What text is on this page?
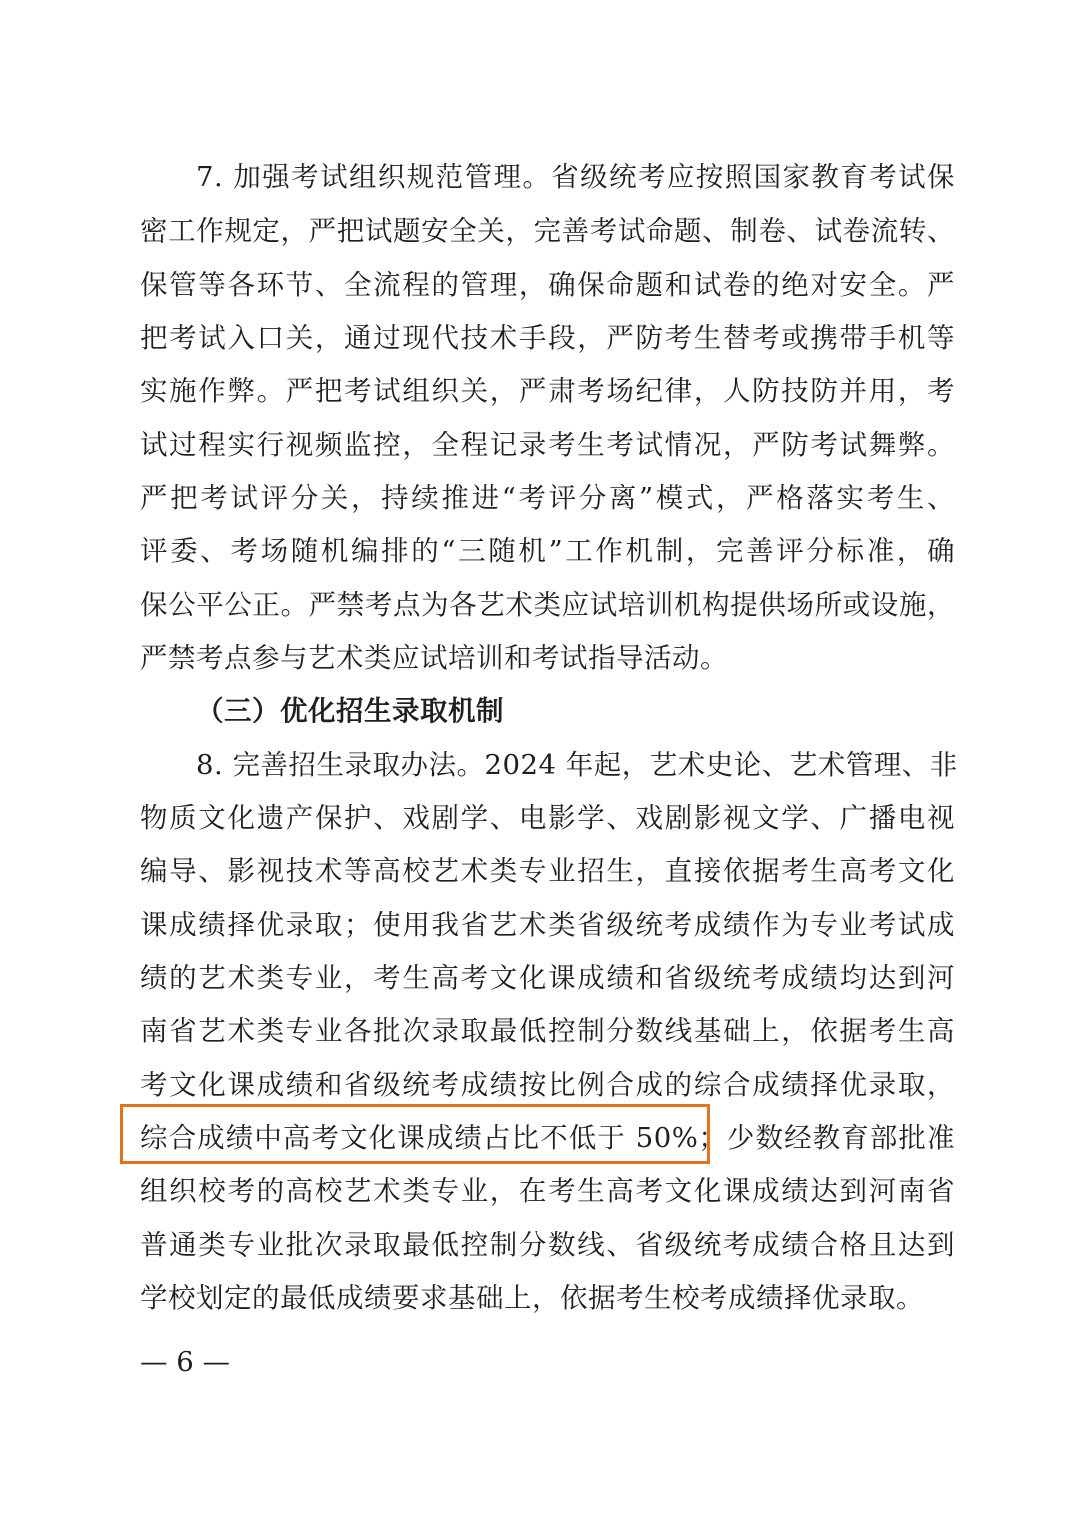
7. 加强考试组织规范管理。省级统考应按照国家教育考试保
密工作规定，严把试题安全关，完善考试命题、制卷、试卷流转、
保管等各环节、全流程的管理，确保命题和试卷的绝对安全。严
把考试入口关，通过现代技术手段，严防考生替考或携带手机等
实施作弊。严把考试组织关，严肃考场纪律，人防技防并用，考
试过程实行视频监控，全程记录考生考试情况，严防考试舞弊。
严把考试评分关，持续推进“考评分离”模式，严格落实考生、
评委、考场随机编排的“三随机”工作机制，完善评分标准，确
保公平公正。严禁考点为各艺术类应试培训机构提供场所或设施，
严禁考点参与艺术类应试培训和考试指导活动。
（三）优化招生录取机制
8. 完善招生录取办法。2024 年起，艺术史论、艺术管理、非
物质文化遗产保护、戏剧学、电影学、戏剧影视文学、广播电视
编导、影视技术等高校艺术类专业招生，直接依据考生高考文化
课成绩择优录取；使用我省艺术类省级统考成绩作为专业考试成
绩的艺术类专业，考生高考文化课成绩和省级统考成绩均达到河
南省艺术类专业各批次录取最低控制分数线基础上，依据考生高
考文化课成绩和省级统考成绩按比例合成的综合成绩择优录取，
综合成绩中高考文化课成绩占比不低于 50%；少数经教育部批准
组织校考的高校艺术类专业，在考生高考文化课成绩达到河南省
普通类专业批次录取最低控制分数线、省级统考成绩合格且达到
学校划定的最低成绩要求基础上，依据考生校考成绩择优录取。
— 6 —
